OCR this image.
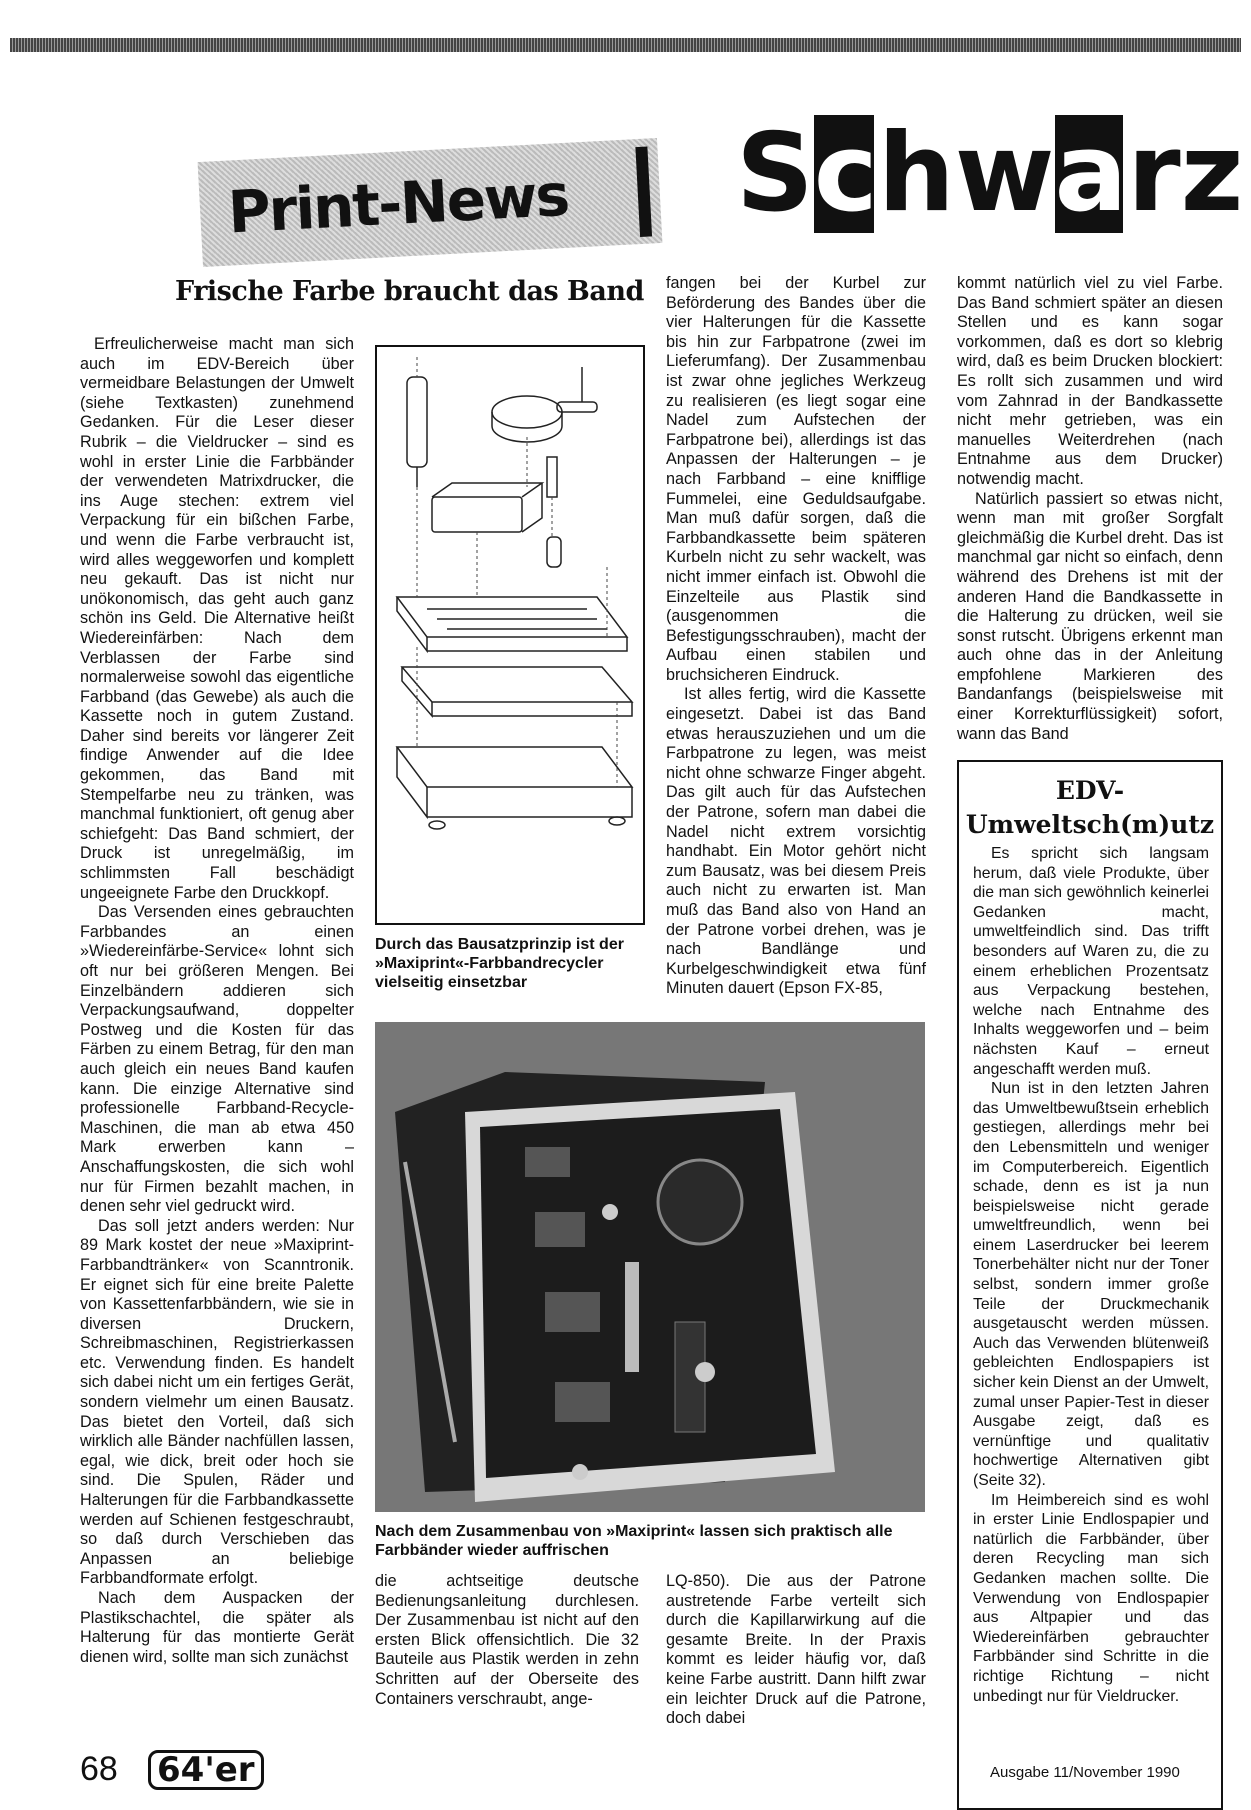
Print-News	S c h w a r z
Frische Farbe braucht das Band

Erfreulicherweise macht man sich auch im EDV-Bereich über vermeidbare Belastungen der Umwelt (siehe Textkasten) zunehmend Gedanken. Für die Leser dieser Rubrik – die Vieldrucker – sind es wohl in erster Linie die Farbbänder der verwendeten Matrixdrucker, die ins Auge stechen: extrem viel Verpackung für ein bißchen Farbe, und wenn die Farbe verbraucht ist, wird alles weggeworfen und komplett neu gekauft. Das ist nicht nur unökonomisch, das geht auch ganz schön ins Geld. Die Alternative heißt Wiedereinfärben: Nach dem Verblassen der Farbe sind normalerweise sowohl das eigentliche Farbband (das Gewebe) als auch die Kassette noch in gutem Zustand. Daher sind bereits vor längerer Zeit findige Anwender auf die Idee gekommen, das Band mit Stempelfarbe neu zu tränken, was manchmal funktioniert, oft genug aber schiefgeht: Das Band schmiert, der Druck ist unregelmäßig, im schlimmsten Fall beschädigt ungeeignete Farbe den Druckkopf.

Das Versenden eines gebrauchten Farbbandes an einen »Wiedereinfärbe-Service« lohnt sich oft nur bei größeren Mengen. Bei Einzelbändern addieren sich Verpackungsaufwand, doppelter Postweg und die Kosten für das Färben zu einem Betrag, für den man auch gleich ein neues Band kaufen kann. Die einzige Alternative sind professionelle Farbband-Recycle-Maschinen, die man ab etwa 450 Mark erwerben kann – Anschaffungskosten, die sich wohl nur für Firmen bezahlt machen, in denen sehr viel gedruckt wird.

Das soll jetzt anders werden: Nur 89 Mark kostet der neue »Maxiprint-Farbbandtränker« von Scanntronik. Er eignet sich für eine breite Palette von Kassettenfarbbändern, wie sie in diversen Druckern, Schreibmaschinen, Registrierkassen etc. Verwendung finden. Es handelt sich dabei nicht um ein fertiges Gerät, sondern vielmehr um einen Bausatz. Das bietet den Vorteil, daß sich wirklich alle Bänder nachfüllen lassen, egal, wie dick, breit oder hoch sie sind. Die Spulen, Räder und Halterungen für die Farbbandkassette werden auf Schienen festgeschraubt, so daß durch Verschieben das Anpassen an beliebige Farbbandformate erfolgt.

Nach dem Auspacken der Plastikschachtel, die später als Halterung für das montierte Gerät dienen wird, sollte man sich zunächst

Durch das Bausatzprinzip ist der »Maxiprint«-Farbbandrecycler vielseitig einsetzbar

fangen bei der Kurbel zur Beförderung des Bandes über die vier Halterungen für die Kassette bis hin zur Farbpatrone (zwei im Lieferumfang). Der Zusammenbau ist zwar ohne jegliches Werkzeug zu realisieren (es liegt sogar eine Nadel zum Aufstechen der Farbpatrone bei), allerdings ist das Anpassen der Halterungen – je nach Farbband – eine knifflige Fummelei, eine Geduldsaufgabe. Man muß dafür sorgen, daß die Farbbandkassette beim späteren Kurbeln nicht zu sehr wackelt, was nicht immer einfach ist. Obwohl die Einzelteile aus Plastik sind (ausgenommen die Befestigungsschrauben), macht der Aufbau einen stabilen und bruchsicheren Eindruck.

Ist alles fertig, wird die Kassette eingesetzt. Dabei ist das Band etwas herauszuziehen und um die Farbpatrone zu legen, was meist nicht ohne schwarze Finger abgeht. Das gilt auch für das Aufstechen der Patrone, sofern man dabei die Nadel nicht extrem vorsichtig handhabt. Ein Motor gehört nicht zum Bausatz, was bei diesem Preis auch nicht zu erwarten ist. Man muß das Band also von Hand an der Patrone vorbei drehen, was je nach Bandlänge und Kurbelgeschwindigkeit etwa fünf Minuten dauert (Epson FX-85,

kommt natürlich viel zu viel Farbe. Das Band schmiert später an diesen Stellen und es kann sogar vorkommen, daß es dort so klebrig wird, daß es beim Drucken blockiert: Es rollt sich zusammen und wird vom Zahnrad in der Bandkassette nicht mehr getrieben, was ein manuelles Weiterdrehen (nach Entnahme aus dem Drucker) notwendig macht.

Natürlich passiert so etwas nicht, wenn man mit großer Sorgfalt gleichmäßig die Kurbel dreht. Das ist manchmal gar nicht so einfach, denn während des Drehens ist mit der anderen Hand die Bandkassette in die Halterung zu drücken, weil sie sonst rutscht. Übrigens erkennt man auch ohne das in der Anleitung empfohlene Markieren des Bandanfangs (beispielsweise mit einer Korrekturflüssigkeit) sofort, wann das Band

Nach dem Zusammenbau von »Maxiprint« lassen sich praktisch alle Farbbänder wieder auffrischen

die achtseitige deutsche Bedienungsanleitung durchlesen. Der Zusammenbau ist nicht auf den ersten Blick offensichtlich. Die 32 Bauteile aus Plastik werden in zehn Schritten auf der Oberseite des Containers verschraubt, ange-

LQ-850). Die aus der Patrone austretende Farbe verteilt sich durch die Kapillarwirkung auf die gesamte Breite. In der Praxis kommt es leider häufig vor, daß keine Farbe austritt. Dann hilft zwar ein leichter Druck auf die Patrone, doch dabei

EDV-
Umweltsch(m)utz

Es spricht sich langsam herum, daß viele Produkte, über die man sich gewöhnlich keinerlei Gedanken macht, umweltfeindlich sind. Das trifft besonders auf Waren zu, die zu einem erheblichen Prozentsatz aus Verpackung bestehen, welche nach Entnahme des Inhalts weggeworfen und – beim nächsten Kauf – erneut angeschafft werden muß.

Nun ist in den letzten Jahren das Umweltbewußtsein erheblich gestiegen, allerdings mehr bei den Lebensmitteln und weniger im Computerbereich. Eigentlich schade, denn es ist ja nun beispielsweise nicht gerade umweltfreundlich, wenn bei einem Laserdrucker bei leerem Tonerbehälter nicht nur der Toner selbst, sondern immer große Teile der Druckmechanik ausgetauscht werden müssen. Auch das Verwenden blütenweiß gebleichten Endlospapiers ist sicher kein Dienst an der Umwelt, zumal unser Papier-Test in dieser Ausgabe zeigt, daß es vernünftige und qualitativ hochwertige Alternativen gibt (Seite 32).

Im Heimbereich sind es wohl in erster Linie Endlospapier und natürlich die Farbbänder, über deren Recycling man sich Gedanken machen sollte. Die Verwendung von Endlospapier aus Altpapier und das Wiedereinfärben gebrauchter Farbbänder sind Schritte in die richtige Richtung – nicht unbedingt nur für Vieldrucker.

68 64'er	Ausgabe 11/November 1990
